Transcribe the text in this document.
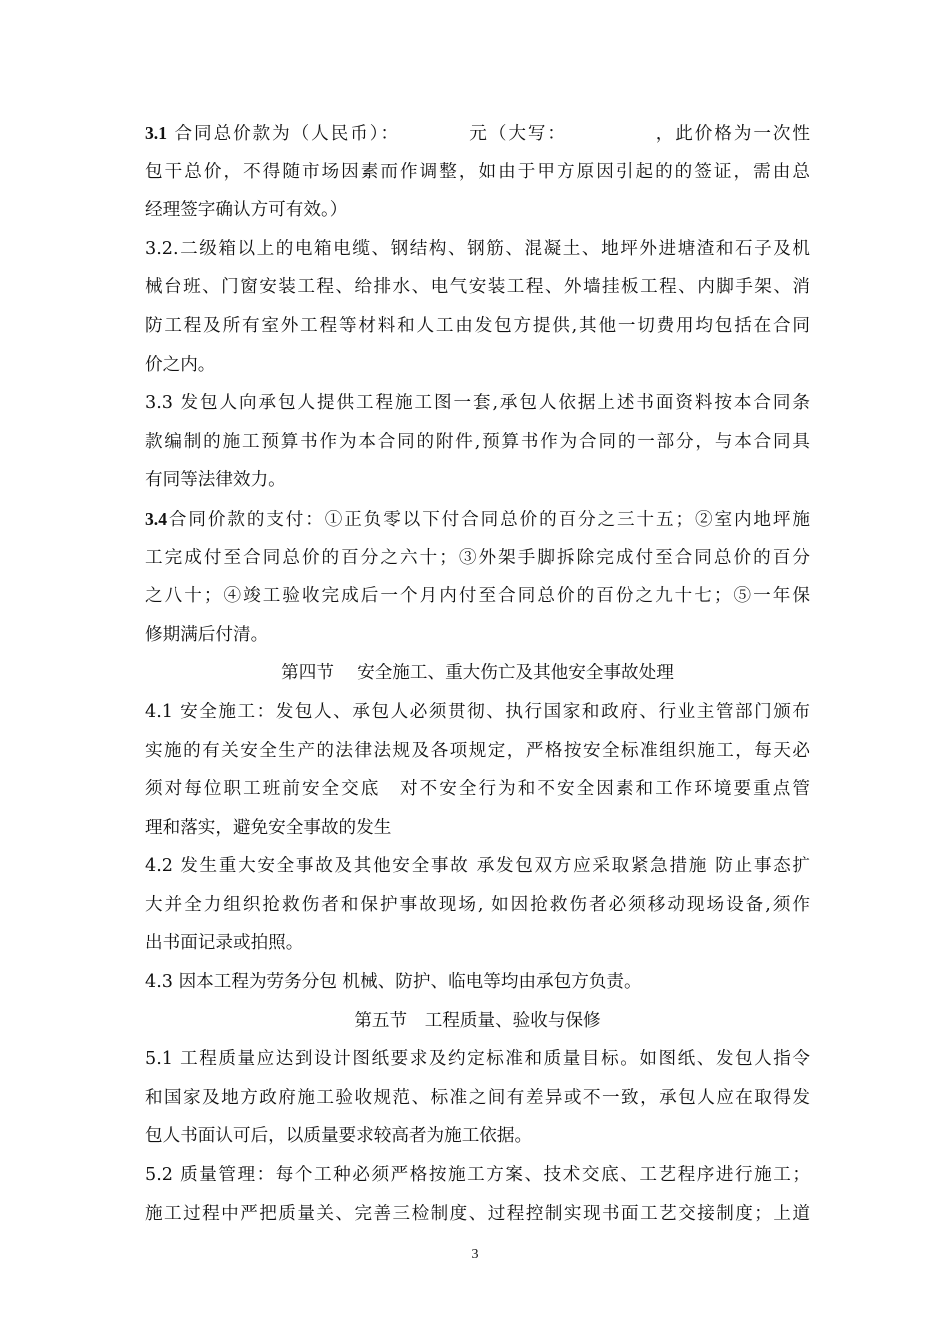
3.1 合同总价款为（人民币）：　　　　元（大写：　　　　　，此价格为一次性
包干总价，不得随市场因素而作调整，如由于甲方原因引起的的签证，需由总
经理签字确认方可有效。）
3.2.二级箱以上的电箱电缆、钢结构、钢筋、混凝土、地坪外进塘渣和石子及机
械台班、门窗安装工程、给排水、电气安装工程、外墙挂板工程、内脚手架、消
防工程及所有室外工程等材料和人工由发包方提供,其他一切费用均包括在合同
价之内。
3.3 发包人向承包人提供工程施工图一套,承包人依据上述书面资料按本合同条
款编制的施工预算书作为本合同的附件,预算书作为合同的一部分，与本合同具
有同等法律效力。
3.4合同价款的支付：①正负零以下付合同总价的百分之三十五；②室内地坪施
工完成付至合同总价的百分之六十；③外架手脚拆除完成付至合同总价的百分
之八十；④竣工验收完成后一个月内付至合同总价的百份之九十七；⑤一年保
修期满后付清。
第四节　 安全施工、重大伤亡及其他安全事故处理
4.1 安全施工：发包人、承包人必须贯彻、执行国家和政府、行业主管部门颁布
实施的有关安全生产的法律法规及各项规定，严格按安全标准组织施工，每天必
须对每位职工班前安全交底　对不安全行为和不安全因素和工作环境要重点管
理和落实，避免安全事故的发生
4.2 发生重大安全事故及其他安全事故 承发包双方应采取紧急措施 防止事态扩
大并全力组织抢救伤者和保护事故现场, 如因抢救伤者必须移动现场设备,须作
出书面记录或拍照。
4.3 因本工程为劳务分包 机械、防护、临电等均由承包方负责。
第五节　工程质量、验收与保修
5.1 工程质量应达到设计图纸要求及约定标准和质量目标。如图纸、发包人指令
和国家及地方政府施工验收规范、标准之间有差异或不一致，承包人应在取得发
包人书面认可后，以质量要求较高者为施工依据。
5.2 质量管理：每个工种必须严格按施工方案、技术交底、工艺程序进行施工；
施工过程中严把质量关、完善三检制度、过程控制实现书面工艺交接制度；上道
3
